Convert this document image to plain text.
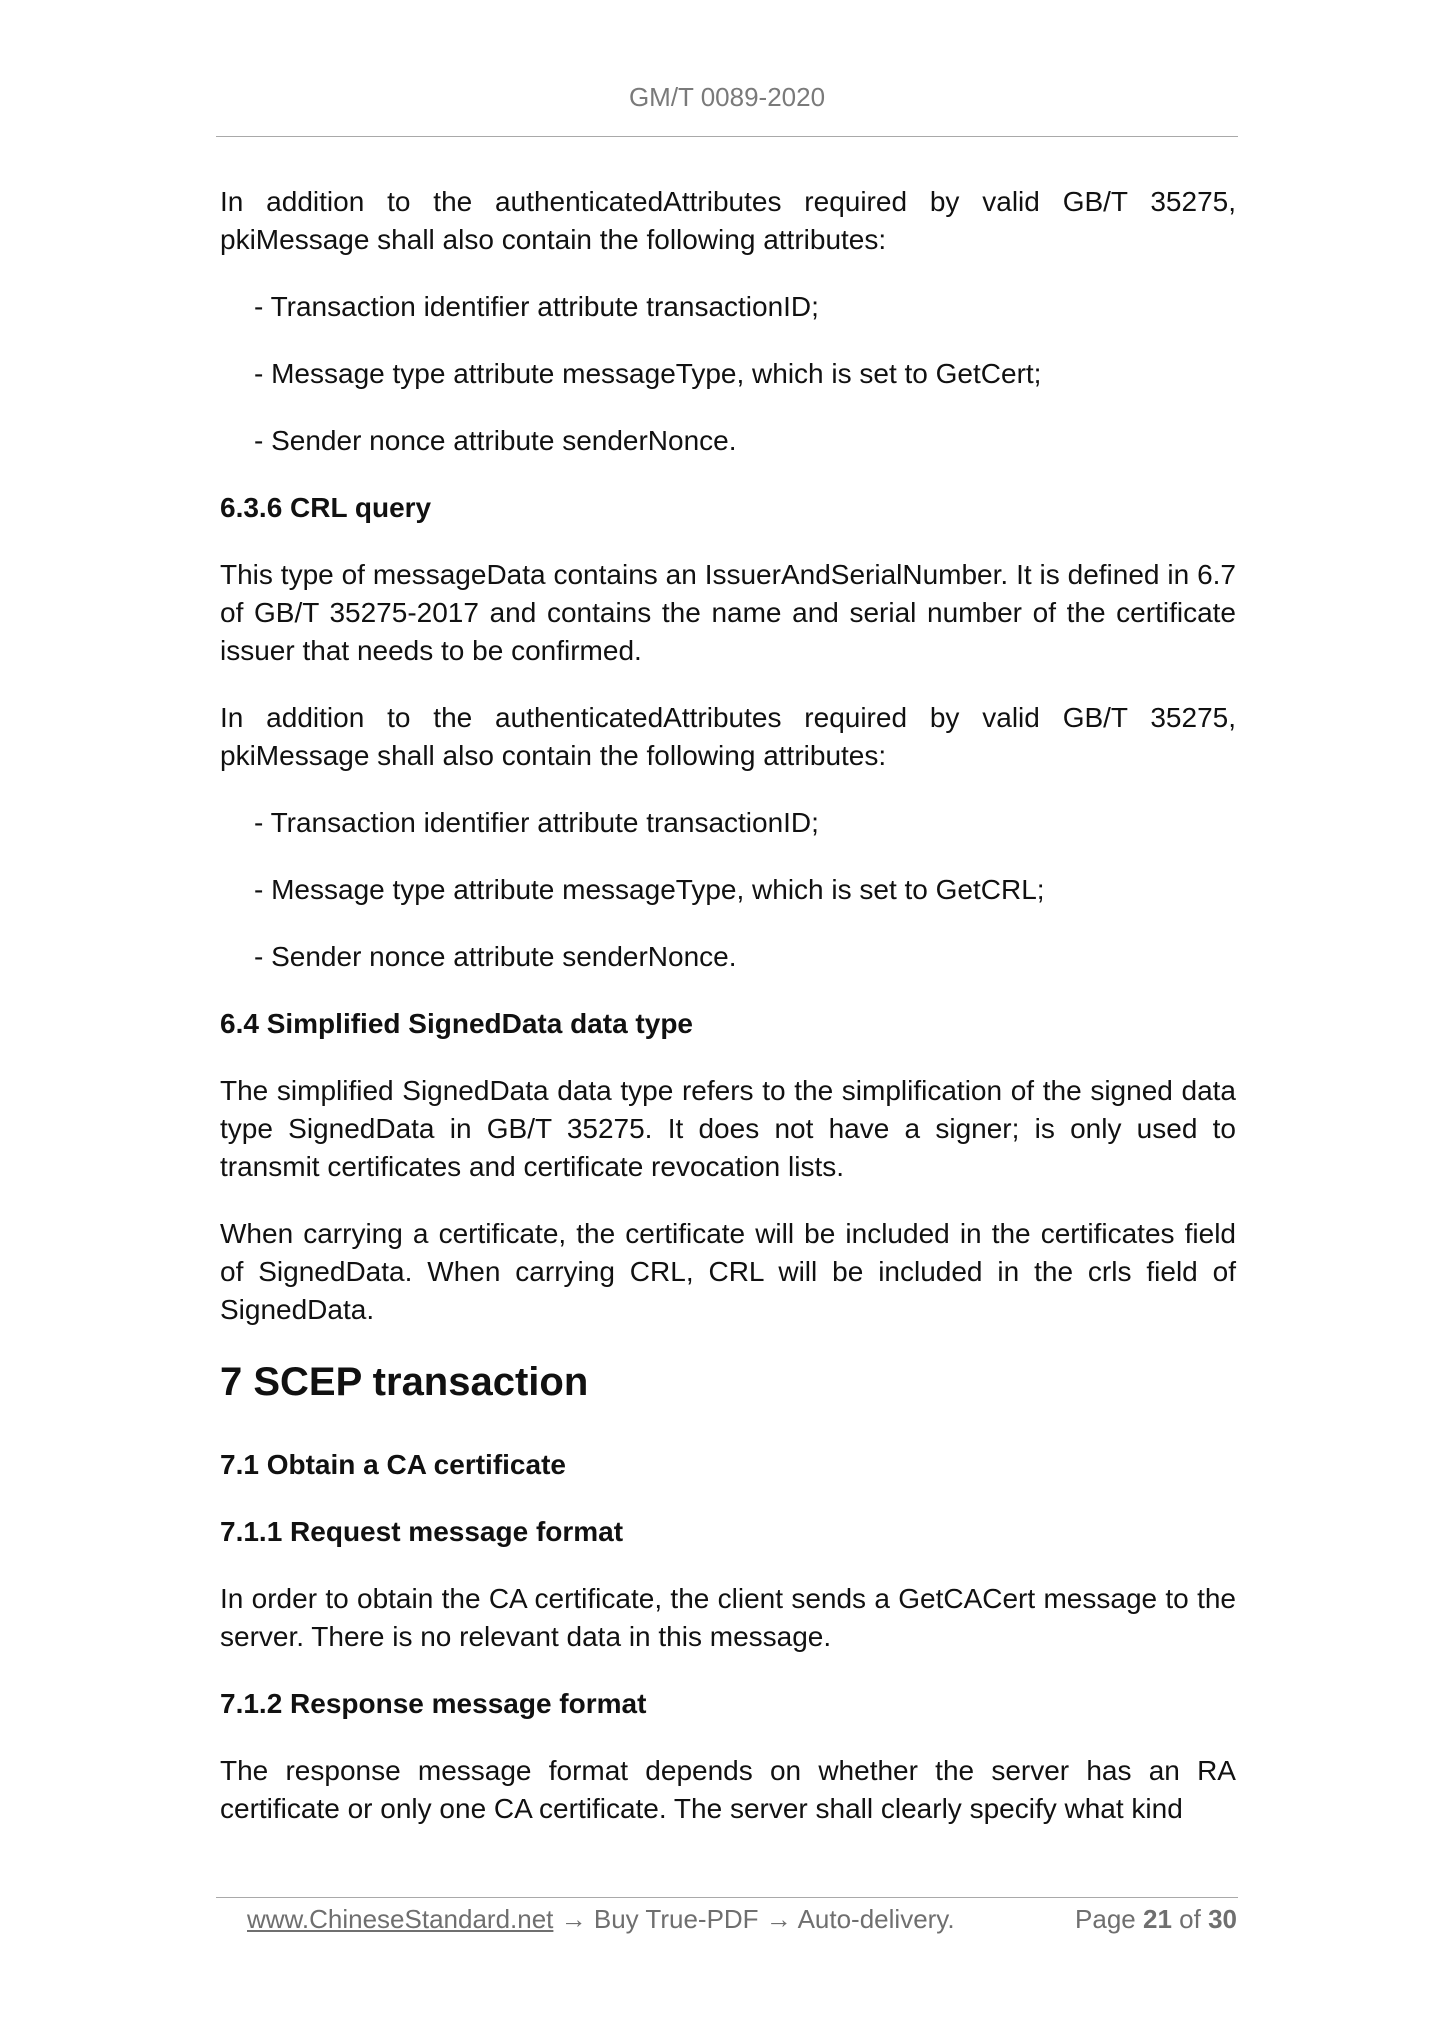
GM/T 0089-2020

In addition to the authenticatedAttributes required by valid GB/T 35275, pkiMessage shall also contain the following attributes:

- Transaction identifier attribute transactionID;

- Message type attribute messageType, which is set to GetCert;

- Sender nonce attribute senderNonce.

6.3.6 CRL query

This type of messageData contains an IssuerAndSerialNumber. It is defined in 6.7 of GB/T 35275-2017 and contains the name and serial number of the certificate issuer that needs to be confirmed.

In addition to the authenticatedAttributes required by valid GB/T 35275, pkiMessage shall also contain the following attributes:

- Transaction identifier attribute transactionID;

- Message type attribute messageType, which is set to GetCRL;

- Sender nonce attribute senderNonce.

6.4 Simplified SignedData data type

The simplified SignedData data type refers to the simplification of the signed data type SignedData in GB/T 35275. It does not have a signer; is only used to transmit certificates and certificate revocation lists.

When carrying a certificate, the certificate will be included in the certificates field of SignedData. When carrying CRL, CRL will be included in the crls field of SignedData.

7 SCEP transaction
7.1 Obtain a CA certificate
7.1.1 Request message format

In order to obtain the CA certificate, the client sends a GetCACert message to the server. There is no relevant data in this message.

7.1.2 Response message format

The response message format depends on whether the server has an RA certificate or only one CA certificate. The server shall clearly specify what kind

www.ChineseStandard.net → Buy True-PDF → Auto-delivery.	Page 21 of 30
